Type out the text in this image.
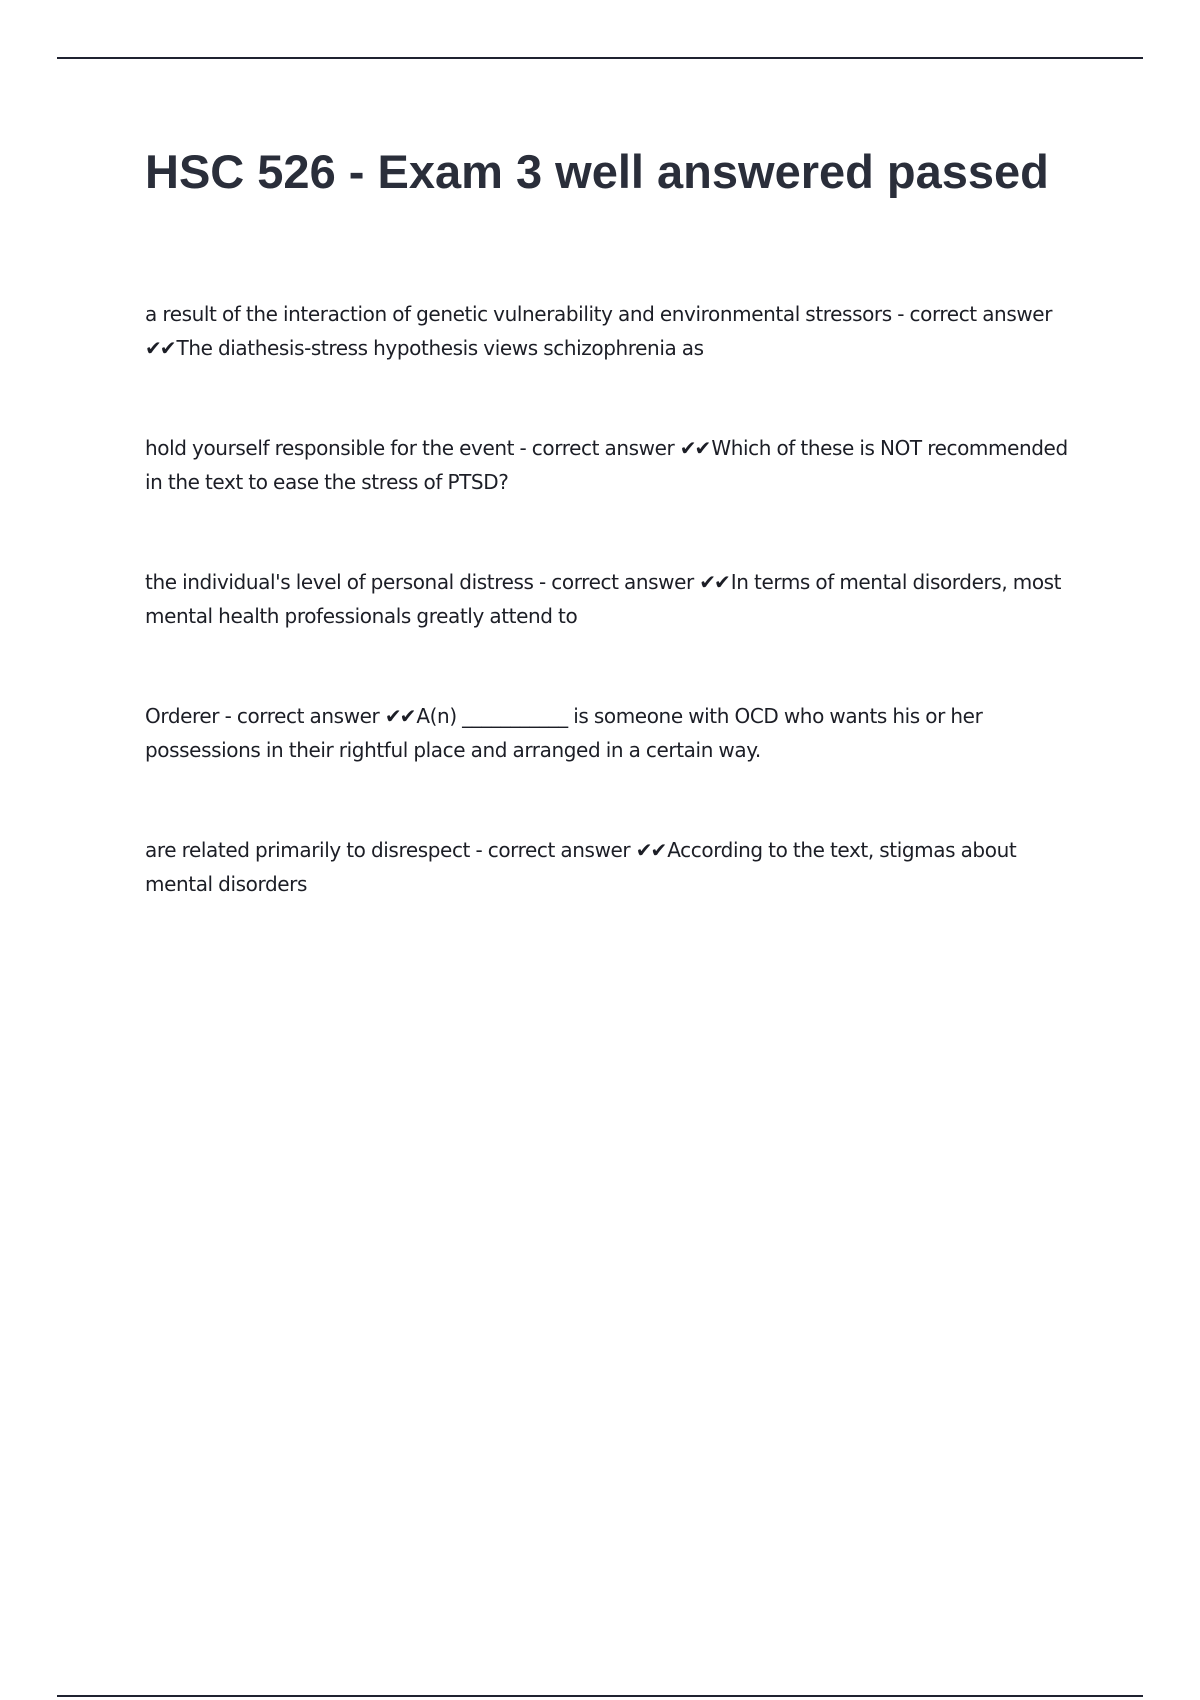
HSC 526 - Exam 3 well answered passed
a result of the interaction of genetic vulnerability and environmental stressors - correct answer ✔✔ The diathesis-stress hypothesis views schizophrenia as
hold yourself responsible for the event - correct answer ✔✔ Which of these is NOT recommended in the text to ease the stress of PTSD?
the individual's level of personal distress - correct answer ✔✔ In terms of mental disorders, most mental health professionals greatly attend to
Orderer - correct answer ✔✔ A(n) ___________ is someone with OCD who wants his or her possessions in their rightful place and arranged in a certain way.
are related primarily to disrespect - correct answer ✔✔ According to the text, stigmas about mental disorders
